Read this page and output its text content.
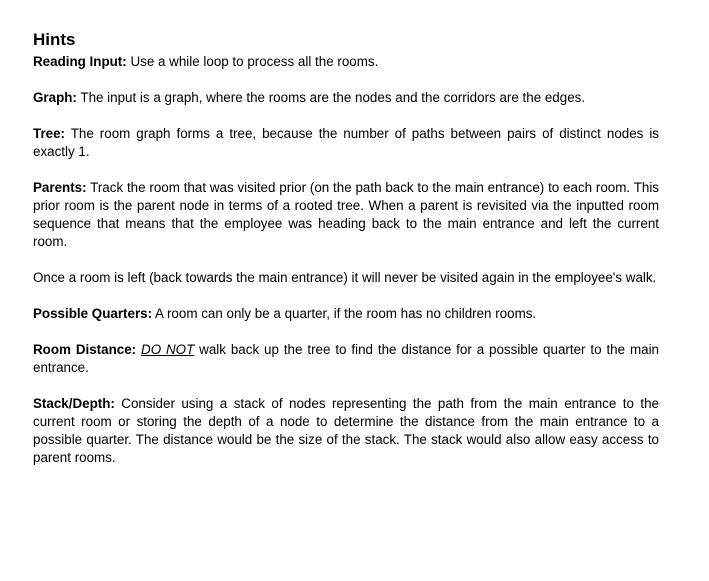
Hints

Reading Input: Use a while loop to process all the rooms.

Graph: The input is a graph, where the rooms are the nodes and the corridors are the edges.

Tree: The room graph forms a tree, because the number of paths between pairs of distinct nodes is exactly 1.

Parents: Track the room that was visited prior (on the path back to the main entrance) to each room. This prior room is the parent node in terms of a rooted tree. When a parent is revisited via the inputted room sequence that means that the employee was heading back to the main entrance and left the current room.

Once a room is left (back towards the main entrance) it will never be visited again in the employee's walk.

Possible Quarters: A room can only be a quarter, if the room has no children rooms.

Room Distance: DO NOT walk back up the tree to find the distance for a possible quarter to the main entrance.

Stack/Depth: Consider using a stack of nodes representing the path from the main entrance to the current room or storing the depth of a node to determine the distance from the main entrance to a possible quarter. The distance would be the size of the stack. The stack would also allow easy access to parent rooms.
